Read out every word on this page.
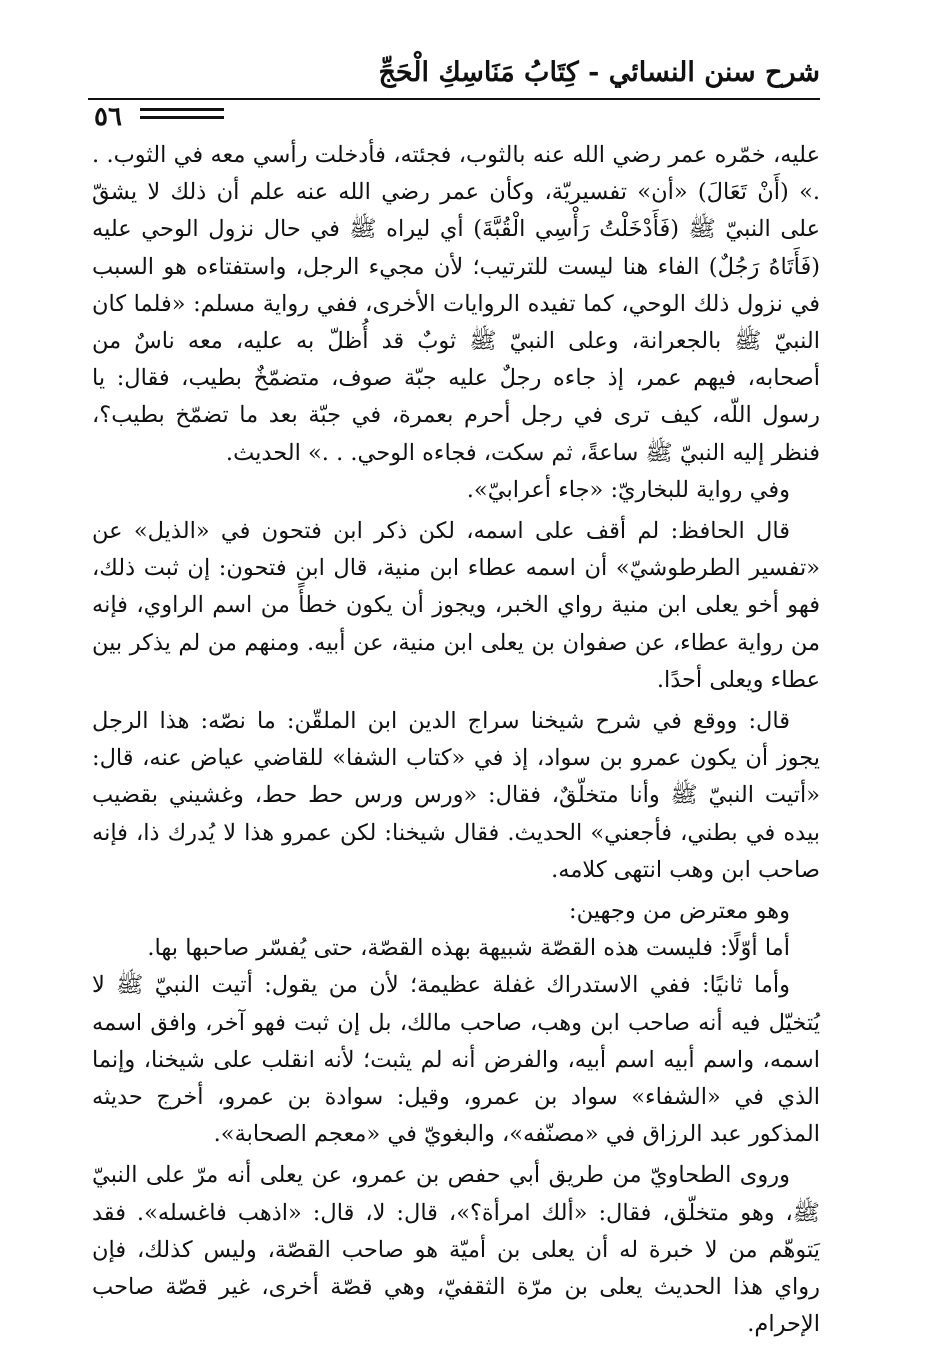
شرح سنن النسائي - كِتَابُ مَنَاسِكِ الْحَجِّ
٥٦

عليه، خمّره عمر رضي الله عنه بالثوب، فجئته، فأدخلت رأسي معه في الثوب. . .» (أَنْ تَعَالَ) «أن» تفسيريّة، وكأن عمر رضي الله عنه علم أن ذلك لا يشقّ على النبيّ ﷺ (فَأَدْخَلْتُ رَأْسِي الْقُبَّةَ) أي ليراه ﷺ في حال نزول الوحي عليه (فَأَتَاهُ رَجُلٌ) الفاء هنا ليست للترتيب؛ لأن مجيء الرجل، واستفتاءه هو السبب في نزول ذلك الوحي، كما تفيده الروايات الأخرى، ففي رواية مسلم: «فلما كان النبيّ ﷺ بالجعرانة، وعلى النبيّ ﷺ ثوبٌ قد أُظلّ به عليه، معه ناسٌ من أصحابه، فيهم عمر، إذ جاءه رجلٌ عليه جبّة صوف، متضمّخٌ بطيب، فقال: يا رسول اللّه، كيف ترى في رجل أحرم بعمرة، في جبّة بعد ما تضمّخ بطيب؟، فنظر إليه النبيّ ﷺ ساعةً، ثم سكت، فجاءه الوحي. . .» الحديث.

وفي رواية للبخاريّ: «جاء أعرابيّ».

قال الحافظ: لم أقف على اسمه، لكن ذكر ابن فتحون في «الذيل» عن «تفسير الطرطوشيّ» أن اسمه عطاء ابن منية، قال ابن فتحون: إن ثبت ذلك، فهو أخو يعلى ابن منية رواي الخبر، ويجوز أن يكون خطأً من اسم الراوي، فإنه من رواية عطاء، عن صفوان بن يعلى ابن منية، عن أبيه. ومنهم من لم يذكر بين عطاء ويعلى أحدًا.

قال: ووقع في شرح شيخنا سراج الدين ابن الملقّن: ما نصّه: هذا الرجل يجوز أن يكون عمرو بن سواد، إذ في «كتاب الشفا» للقاضي عياض عنه، قال: «أتيت النبيّ ﷺ وأنا متخلّقٌ، فقال: «ورس ورس حط حط، وغشيني بقضيب بيده في بطني، فأجعني» الحديث. فقال شيخنا: لكن عمرو هذا لا يُدرك ذا، فإنه صاحب ابن وهب انتهى كلامه.

وهو معترض من وجهين:

أما أوّلًا: فليست هذه القصّة شبيهة بهذه القصّة، حتى يُفسّر صاحبها بها.

وأما ثانيًا: ففي الاستدراك غفلة عظيمة؛ لأن من يقول: أتيت النبيّ ﷺ لا يُتخيّل فيه أنه صاحب ابن وهب، صاحب مالك، بل إن ثبت فهو آخر، وافق اسمه اسمه، واسم أبيه اسم أبيه، والفرض أنه لم يثبت؛ لأنه انقلب على شيخنا، وإنما الذي في «الشفاء» سواد بن عمرو، وقيل: سوادة بن عمرو، أخرج حديثه المذكور عبد الرزاق في «مصنّفه»، والبغويّ في «معجم الصحابة».

وروى الطحاويّ من طريق أبي حفص بن عمرو، عن يعلى أنه مرّ على النبيّ ﷺ، وهو متخلّق، فقال: «ألك امرأة؟»، قال: لا، قال: «اذهب فاغسله». فقد يَتوهّم من لا خبرة له أن يعلى بن أميّة هو صاحب القصّة، وليس كذلك، فإن رواي هذا الحديث يعلى بن مرّة الثقفيّ، وهي قصّة أخرى، غير قصّة صاحب الإحرام.
